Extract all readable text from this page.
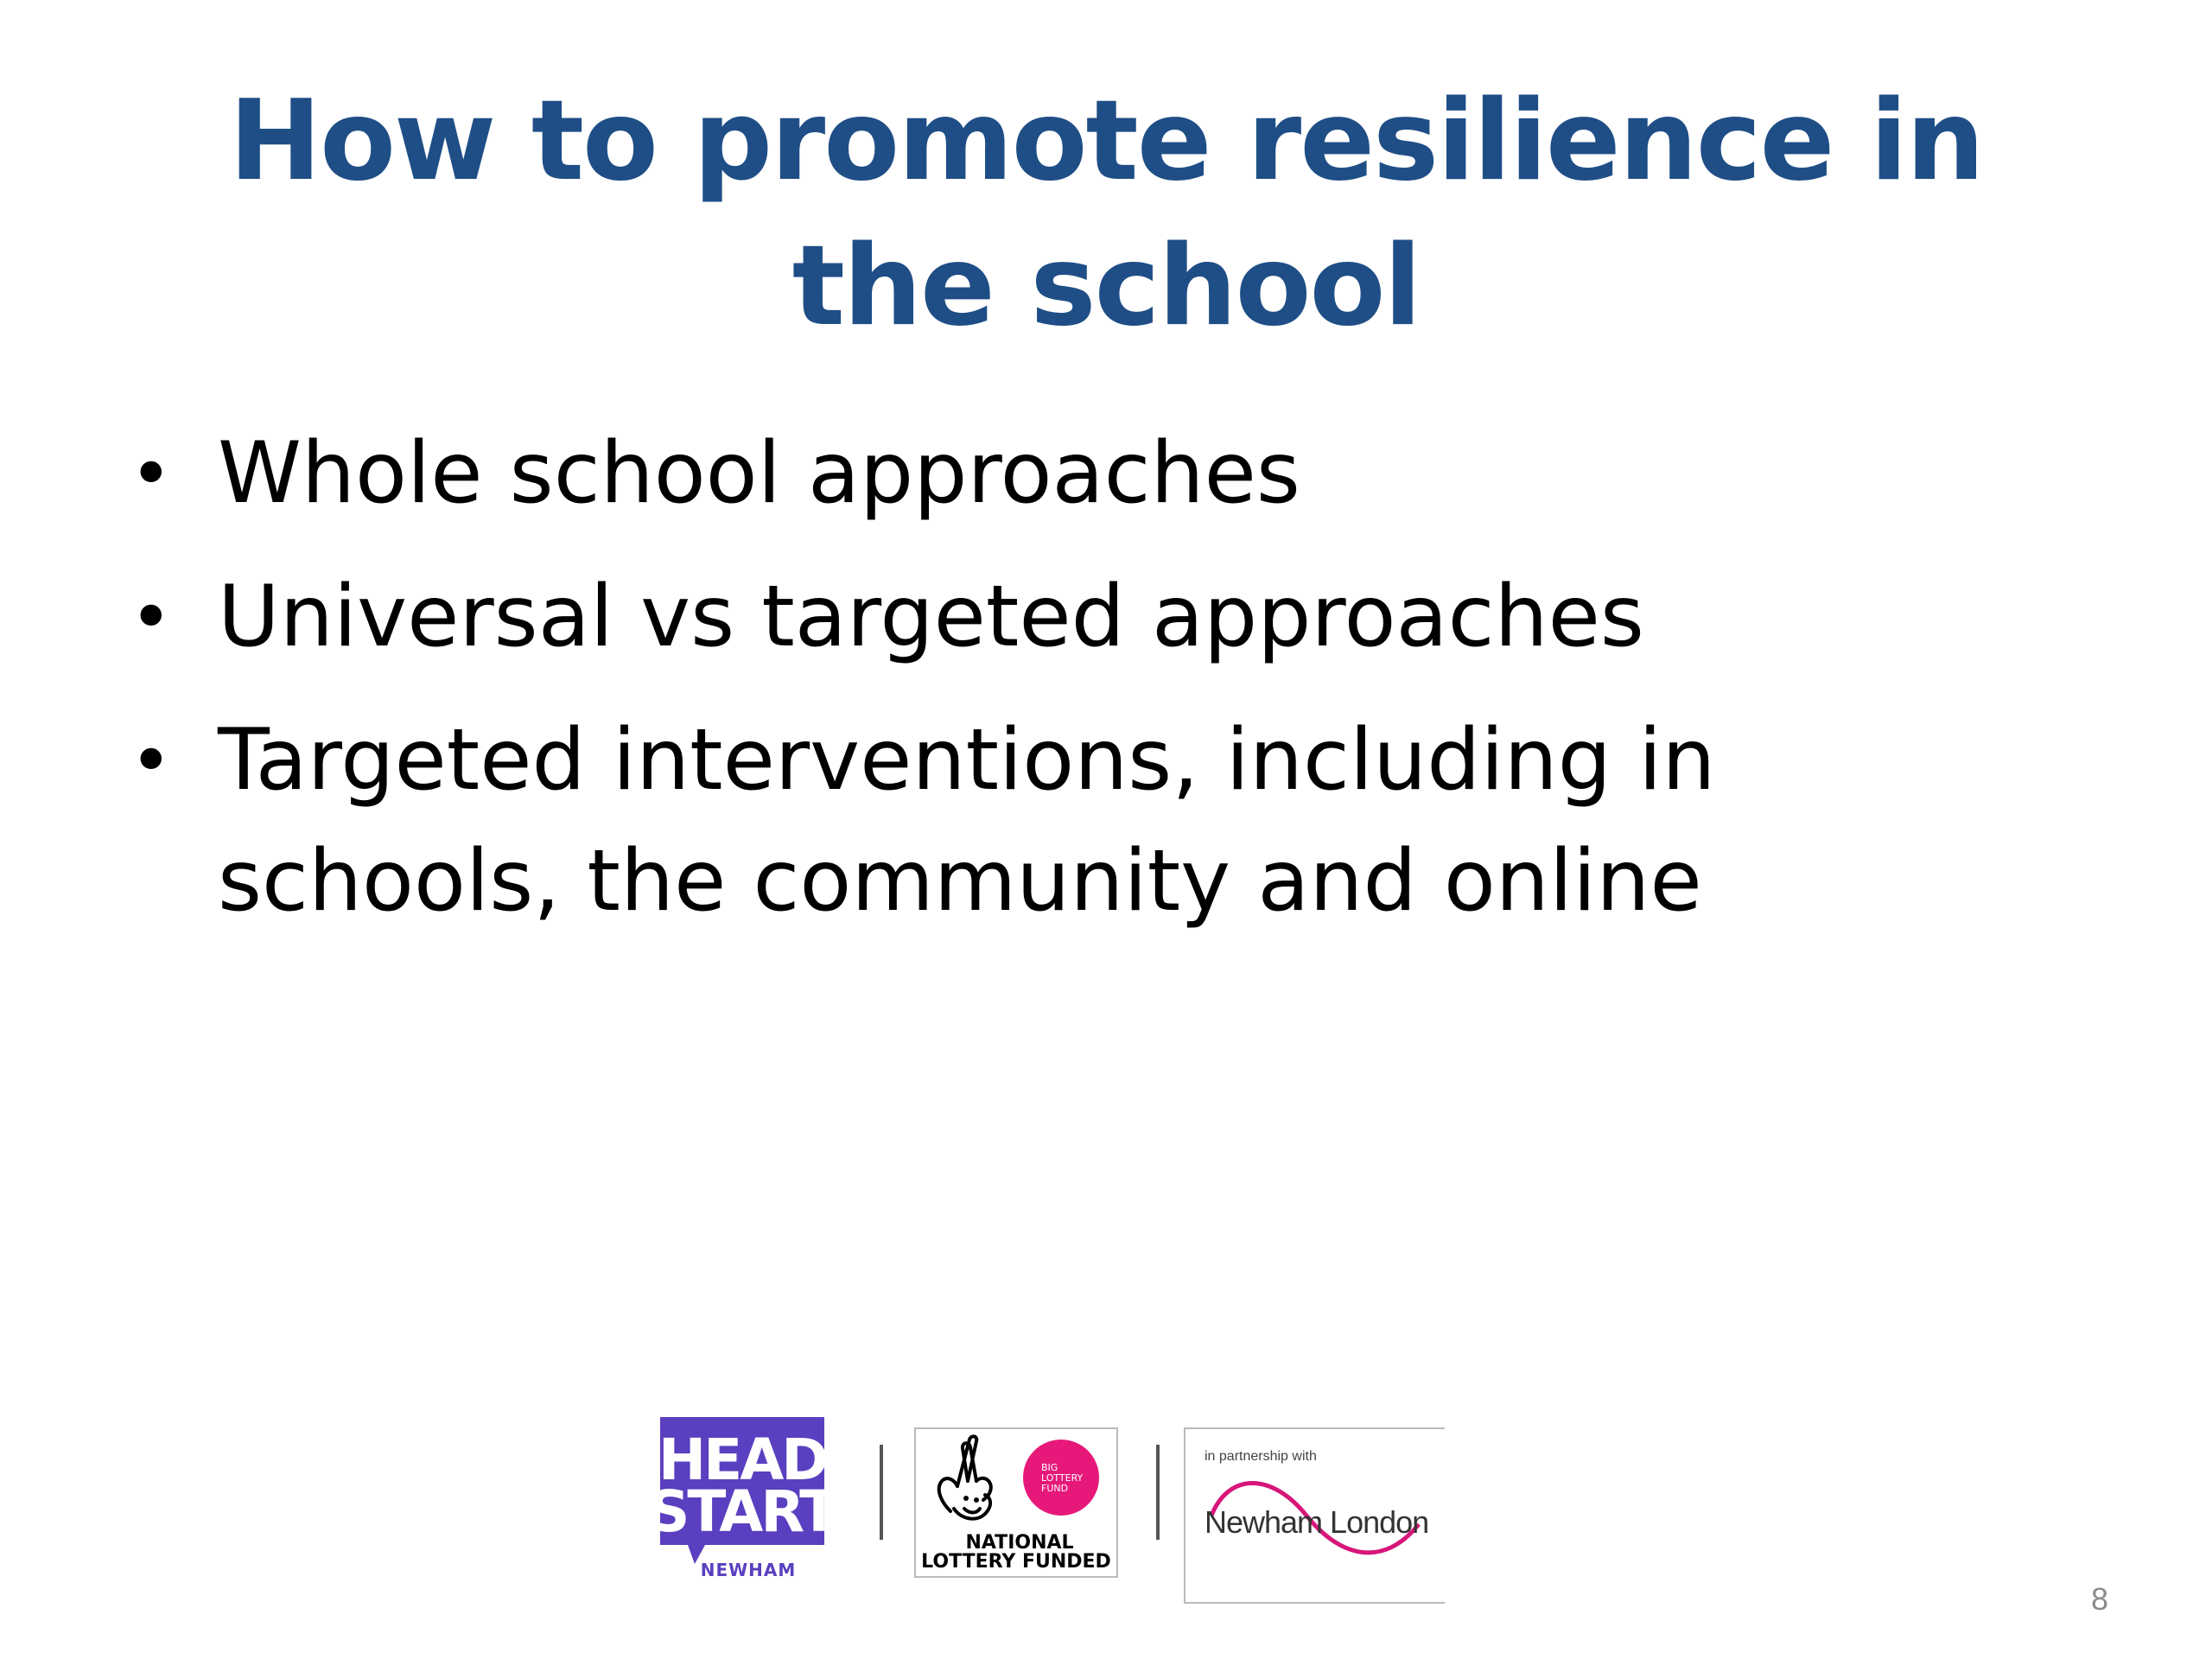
How to promote resilience in the school
• Whole school approaches
• Universal vs targeted approaches
• Targeted interventions, including in schools, the community and online
HEAD
START
NEWHAM
BIG
LOTTERY
FUND
NATIONAL
LOTTERY FUNDED
in partnership with
Newham London
8
